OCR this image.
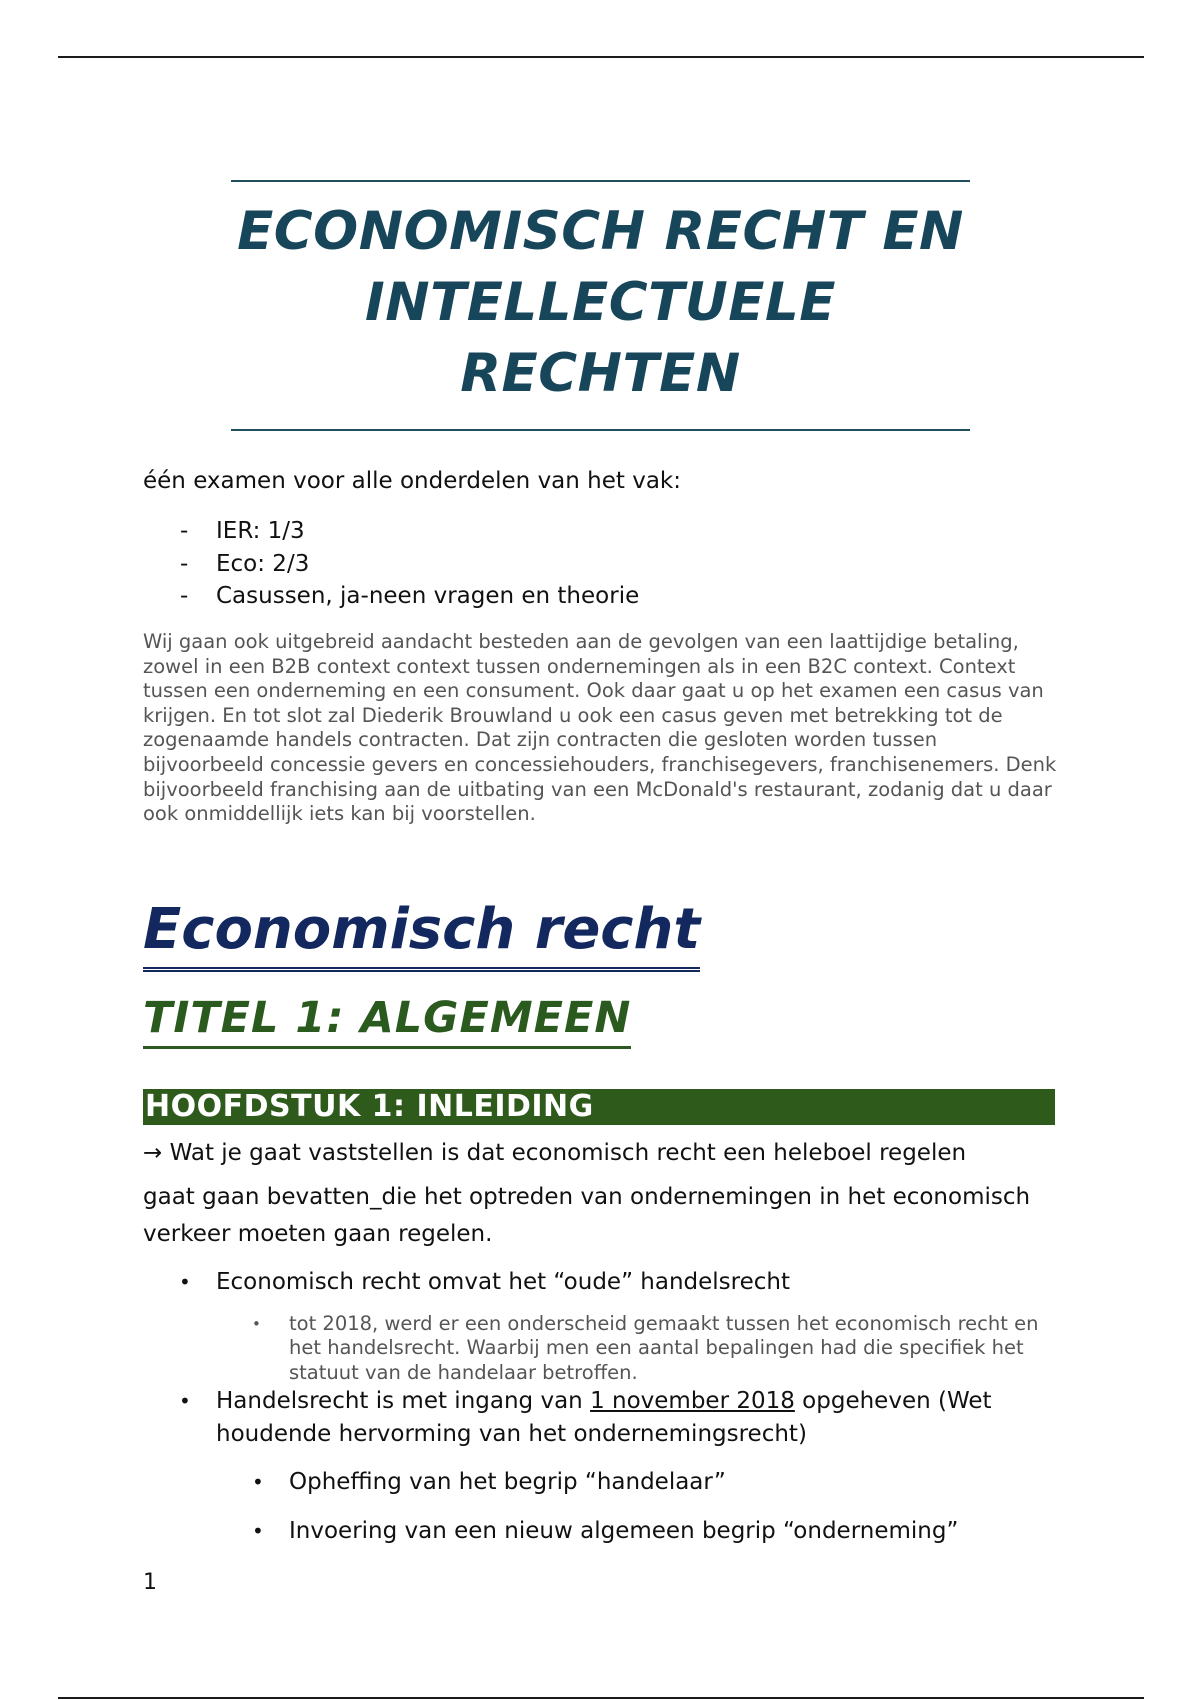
ECONOMISCH RECHT EN
INTELLECTUELE
RECHTEN

één examen voor alle onderdelen van het vak:

- IER: 1/3
- Eco: 2/3
- Casussen, ja-neen vragen en theorie

Wij gaan ook uitgebreid aandacht besteden aan de gevolgen van een laattijdige betaling, zowel in een B2B context context tussen ondernemingen als in een B2C context. Context tussen een onderneming en een consument. Ook daar gaat u op het examen een casus van krijgen. En tot slot zal Diederik Brouwland u ook een casus geven met betrekking tot de zogenaamde handels contracten. Dat zijn contracten die gesloten worden tussen bijvoorbeeld concessie gevers en concessiehouders, franchisegevers, franchisenemers. Denk bijvoorbeeld franchising aan de uitbating van een McDonald's restaurant, zodanig dat u daar ook onmiddellijk iets kan bij voorstellen.

Economisch recht
TITEL 1: ALGEMEEN
HOOFDSTUK 1: INLEIDING

→ Wat je gaat vaststellen is dat economisch recht een heleboel regelen

gaat gaan bevatten_die het optreden van ondernemingen in het economisch verkeer moeten gaan regelen.

• Economisch recht omvat het “oude” handelsrecht
• tot 2018, werd er een onderscheid gemaakt tussen het economisch recht en het handelsrecht. Waarbij men een aantal bepalingen had die specifiek het statuut van de handelaar betroffen.
• Handelsrecht is met ingang van 1 november 2018 opgeheven (Wet houdende hervorming van het ondernemingsrecht)
• Opheffing van het begrip “handelaar”
• Invoering van een nieuw algemeen begrip “onderneming”
1
